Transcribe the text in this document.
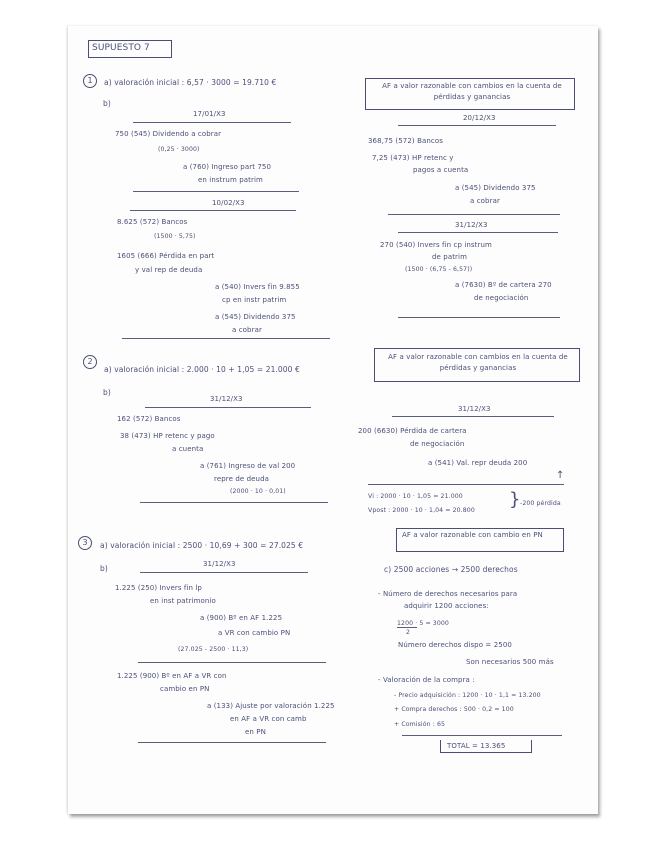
SUPUESTO 7
1	a) valoración inicial : 6,57 · 3000 = 19.710 €
b)
17/01/X3
750 (545) Dividendo a cobrar
(0,25 · 3000)
a (760) Ingreso part 750
en instrum patrim
10/02/X3
8.625 (572) Bancos
(1500 · 5,75)
1605 (666) Pérdida en part
y val rep de deuda
a (540) Invers fin 9.855
cp en instr patrim
a (545) Dividendo 375
a cobrar
AF a valor razonable con cambios en la cuenta de pérdidas y ganancias
20/12/X3
368,75 (572) Bancos
7,25 (473) HP retenc y
pagos a cuenta
a (545) Dividendo 375
a cobrar
31/12/X3
270 (540) Invers fin cp instrum
de patrim
(1500 · (6,75 - 6,57))
a (7630) Bº de cartera 270
de negociación
2
a) valoración inicial : 2.000 · 10 + 1,05 = 21.000 €
b)
31/12/X3
162 (572) Bancos
38 (473) HP retenc y pago
a cuenta
a (761) Ingreso de val 200
repre de deuda
(2000 · 10 · 0,01)
AF a valor razonable con cambios en la cuenta de pérdidas y ganancias
31/12/X3
200 (6630) Pérdida de cartera
de negociación
a (541) Val. repr deuda 200
↑
Vi : 2000 · 10 · 1,05 = 21.000
Vpost : 2000 · 10 · 1,04 = 20.800
} -200 pérdida
3	a) valoración inicial : 2500 · 10,69 + 300 = 27.025 €
b)	31/12/X3
1.225 (250) Invers fin lp
en inst patrimonio
a (900) Bº en AF 1.225
a VR con cambio PN
(27.025 - 2500 · 11,3)
1.225 (900) Bº en AF a VR con
cambio en PN
a (133) Ajuste por valoración 1.225
en AF a VR con camb
en PN
AF a valor razonable con cambio en PN
c) 2500 acciones → 2500 derechos
- Número de derechos necesarios para
adquirir 1200 acciones:
1200 · 5 = 3000
2
Número derechos dispo = 2500
Son necesarios 500 más
- Valoración de la compra :
- Precio adquisición : 1200 · 10 · 1,1 = 13.200
+ Compra derechos : 500 · 0,2 = 100
+ Comisión : 65
TOTAL = 13.365
